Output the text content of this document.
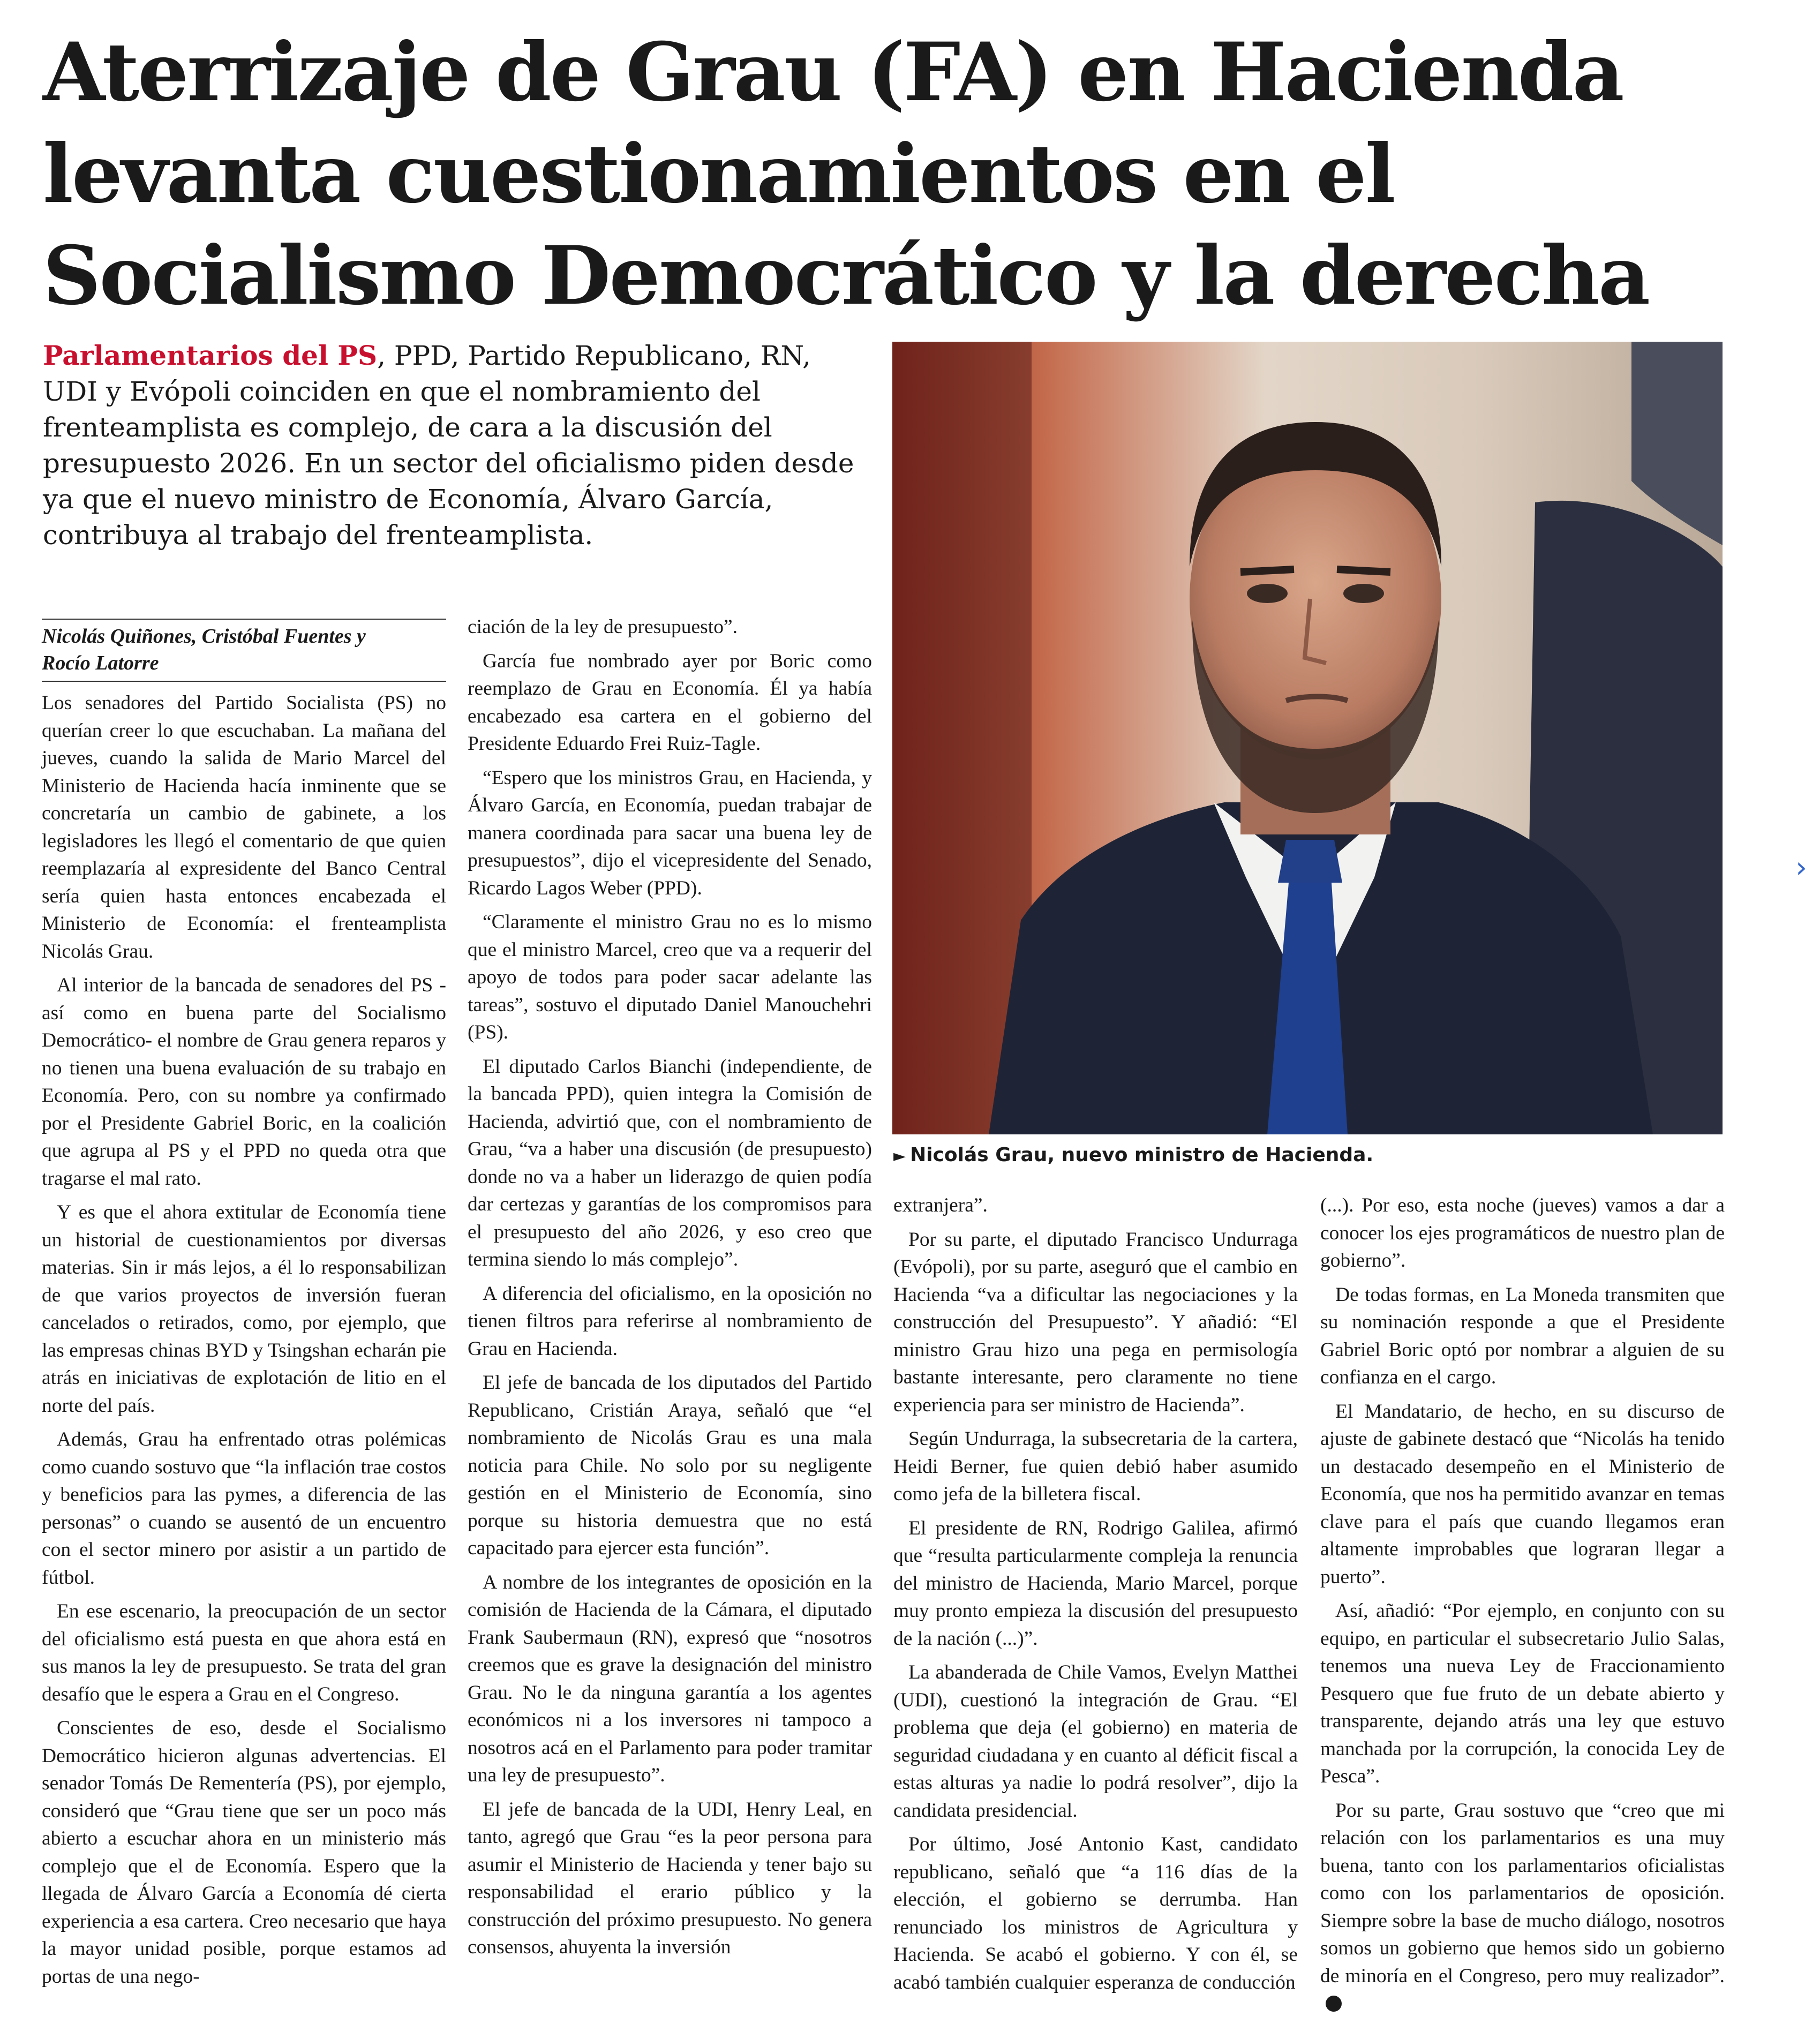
Aterrizaje de Grau (FA) en Hacienda
levanta cuestionamientos en el
Socialismo Democrático y la derecha

Parlamentarios del PS, PPD, Partido Republicano, RN, UDI y Evópoli coinciden en que el nombramiento del frenteamplista es complejo, de cara a la discusión del presupuesto 2026. En un sector del oficialismo piden desde ya que el nuevo ministro de Economía, Álvaro García, contribuya al trabajo del frenteamplista.

► Nicolás Grau, nuevo ministro de Hacienda.

Nicolás Quiñones, Cristóbal Fuentes y
Rocío Latorre

Los senadores del Partido Socialista (PS) no querían creer lo que escuchaban. La mañana del jueves, cuando la salida de Mario Marcel del Ministerio de Hacienda hacía inminente que se concretaría un cambio de gabinete, a los legisladores les llegó el comentario de que quien reemplazaría al expresidente del Banco Central sería quien hasta entonces encabezada el Ministerio de Economía: el frenteamplista Nicolás Grau.

Al interior de la bancada de senadores del PS -así como en buena parte del Socialismo Democrático- el nombre de Grau genera reparos y no tienen una buena evaluación de su trabajo en Economía. Pero, con su nombre ya confirmado por el Presidente Gabriel Boric, en la coalición que agrupa al PS y el PPD no queda otra que tragarse el mal rato.

Y es que el ahora extitular de Economía tiene un historial de cuestionamientos por diversas materias. Sin ir más lejos, a él lo responsabilizan de que varios proyectos de inversión fueran cancelados o retirados, como, por ejemplo, que las empresas chinas BYD y Tsingshan echarán pie atrás en iniciativas de explotación de litio en el norte del país.

Además, Grau ha enfrentado otras polémicas como cuando sostuvo que “la inflación trae costos y beneficios para las pymes, a diferencia de las personas” o cuando se ausentó de un encuentro con el sector minero por asistir a un partido de fútbol.

En ese escenario, la preocupación de un sector del oficialismo está puesta en que ahora está en sus manos la ley de presupuesto. Se trata del gran desafío que le espera a Grau en el Congreso.

Conscientes de eso, desde el Socialismo Democrático hicieron algunas advertencias. El senador Tomás De Rementería (PS), por ejemplo, consideró que “Grau tiene que ser un poco más abierto a escuchar ahora en un ministerio más complejo que el de Economía. Espero que la llegada de Álvaro García a Economía dé cierta experiencia a esa cartera. Creo necesario que haya la mayor unidad posible, porque estamos ad portas de una nego-

ciación de la ley de presupuesto”.

García fue nombrado ayer por Boric como reemplazo de Grau en Economía. Él ya había encabezado esa cartera en el gobierno del Presidente Eduardo Frei Ruiz-Tagle.

“Espero que los ministros Grau, en Hacienda, y Álvaro García, en Economía, puedan trabajar de manera coordinada para sacar una buena ley de presupuestos”, dijo el vicepresidente del Senado, Ricardo Lagos Weber (PPD).

“Claramente el ministro Grau no es lo mismo que el ministro Marcel, creo que va a requerir del apoyo de todos para poder sacar adelante las tareas”, sostuvo el diputado Daniel Manouchehri (PS).

El diputado Carlos Bianchi (independiente, de la bancada PPD), quien integra la Comisión de Hacienda, advirtió que, con el nombramiento de Grau, “va a haber una discusión (de presupuesto) donde no va a haber un liderazgo de quien podía dar certezas y garantías de los compromisos para el presupuesto del año 2026, y eso creo que termina siendo lo más complejo”.

A diferencia del oficialismo, en la oposición no tienen filtros para referirse al nombramiento de Grau en Hacienda.

El jefe de bancada de los diputados del Partido Republicano, Cristián Araya, señaló que “el nombramiento de Nicolás Grau es una mala noticia para Chile. No solo por su negligente gestión en el Ministerio de Economía, sino porque su historia demuestra que no está capacitado para ejercer esta función”.

A nombre de los integrantes de oposición en la comisión de Hacienda de la Cámara, el diputado Frank Saubermaun (RN), expresó que “nosotros creemos que es grave la designación del ministro Grau. No le da ninguna garantía a los agentes económicos ni a los inversores ni tampoco a nosotros acá en el Parlamento para poder tramitar una ley de presupuesto”.

El jefe de bancada de la UDI, Henry Leal, en tanto, agregó que Grau “es la peor persona para asumir el Ministerio de Hacienda y tener bajo su responsabilidad el erario público y la construcción del próximo presupuesto. No genera consensos, ahuyenta la inversión

extranjera”.

Por su parte, el diputado Francisco Undurraga (Evópoli), por su parte, aseguró que el cambio en Hacienda “va a dificultar las negociaciones y la construcción del Presupuesto”. Y añadió: “El ministro Grau hizo una pega en permisología bastante interesante, pero claramente no tiene experiencia para ser ministro de Hacienda”.

Según Undurraga, la subsecretaria de la cartera, Heidi Berner, fue quien debió haber asumido como jefa de la billetera fiscal.

El presidente de RN, Rodrigo Galilea, afirmó que “resulta particularmente compleja la renuncia del ministro de Hacienda, Mario Marcel, porque muy pronto empieza la discusión del presupuesto de la nación (...)”.

La abanderada de Chile Vamos, Evelyn Matthei (UDI), cuestionó la integración de Grau. “El problema que deja (el gobierno) en materia de seguridad ciudadana y en cuanto al déficit fiscal a estas alturas ya nadie lo podrá resolver”, dijo la candidata presidencial.

Por último, José Antonio Kast, candidato republicano, señaló que “a 116 días de la elección, el gobierno se derrumba. Han renunciado los ministros de Agricultura y Hacienda. Se acabó el gobierno. Y con él, se acabó también cualquier esperanza de conducción

(...). Por eso, esta noche (jueves) vamos a dar a conocer los ejes programáticos de nuestro plan de gobierno”.

De todas formas, en La Moneda transmiten que su nominación responde a que el Presidente Gabriel Boric optó por nombrar a alguien de su confianza en el cargo.

El Mandatario, de hecho, en su discurso de ajuste de gabinete destacó que “Nicolás ha tenido un destacado desempeño en el Ministerio de Economía, que nos ha permitido avanzar en temas clave para el país que cuando llegamos eran altamente improbables que lograran llegar a puerto”.

Así, añadió: “Por ejemplo, en conjunto con su equipo, en particular el subsecretario Julio Salas, tenemos una nueva Ley de Fraccionamiento Pesquero que fue fruto de un debate abierto y transparente, dejando atrás una ley que estuvo manchada por la corrupción, la conocida Ley de Pesca”.

Por su parte, Grau sostuvo que “creo que mi relación con los parlamentarios es una muy buena, tanto con los parlamentarios oficialistas como con los parlamentarios de oposición. Siempre sobre la base de mucho diálogo, nosotros somos un gobierno que hemos sido un gobierno de minoría en el Congreso, pero muy realizador”.

›
